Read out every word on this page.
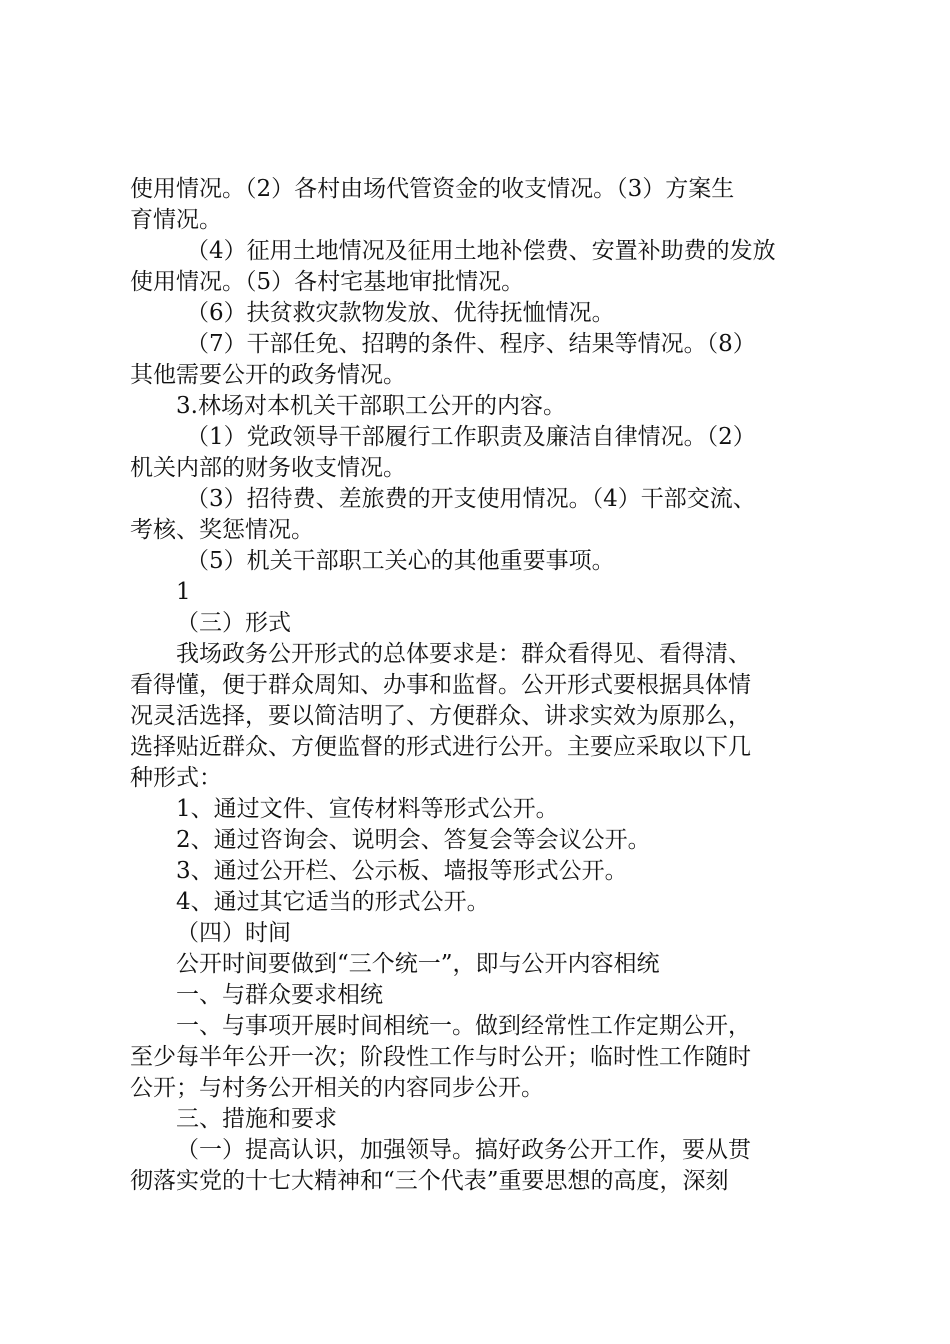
使用情况。（2）各村由场代管资金的收支情况。（3）方案生
育情况。
（4）征用土地情况及征用土地补偿费、安置补助费的发放
使用情况。（5）各村宅基地审批情况。
（6）扶贫救灾款物发放、优待抚恤情况。
（7）干部任免、招聘的条件、程序、结果等情况。（8）
其他需要公开的政务情况。
3.林场对本机关干部职工公开的内容。
（1）党政领导干部履行工作职责及廉洁自律情况。（2）
机关内部的财务收支情况。
（3）招待费、差旅费的开支使用情况。（4）干部交流、
考核、奖惩情况。
（5）机关干部职工关心的其他重要事项。
1
（三）形式
我场政务公开形式的总体要求是：群众看得见、看得清、
看得懂，便于群众周知、办事和监督。公开形式要根据具体情
况灵活选择，要以简洁明了、方便群众、讲求实效为原那么，
选择贴近群众、方便监督的形式进行公开。主要应采取以下几
种形式：
1、通过文件、宣传材料等形式公开。
2、通过咨询会、说明会、答复会等会议公开。
3、通过公开栏、公示板、墙报等形式公开。
4、通过其它适当的形式公开。
（四）时间
公开时间要做到“三个统一”，即与公开内容相统
一、与群众要求相统
一、与事项开展时间相统一。做到经常性工作定期公开，
至少每半年公开一次；阶段性工作与时公开；临时性工作随时
公开；与村务公开相关的内容同步公开。
三、措施和要求
（一）提高认识，加强领导。搞好政务公开工作，要从贯
彻落实党的十七大精神和“三个代表”重要思想的高度，深刻
